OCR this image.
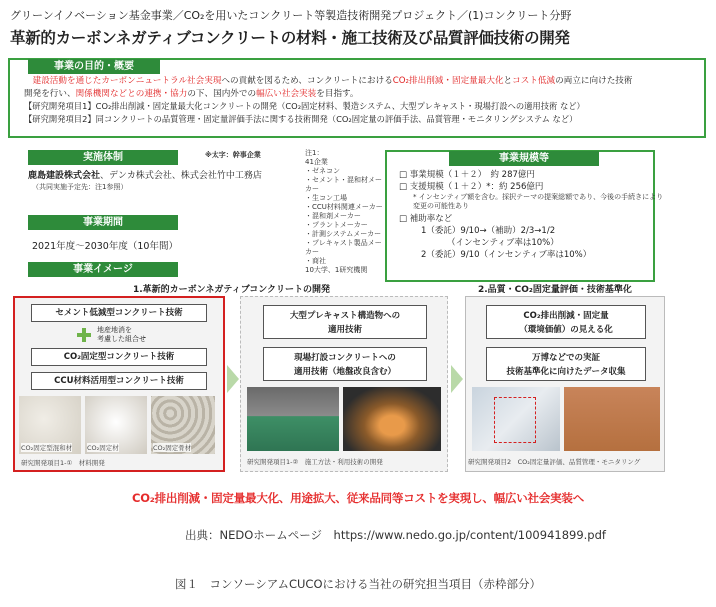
グリーンイノベーション基金事業／CO₂を用いたコンクリート等製造技術開発プロジェクト／(1)コンクリート分野
革新的カーボンネガティブコンクリートの材料・施工技術及び品質評価技術の開発
事業の目的・概要
　建設活動を通じたカーボンニュートラル社会実現への貢献を図るため、コンクリートにおけるCO₂排出削減・固定量最大化とコスト低減の両立に向けた技術
開発を行い、関係機関などとの連携・協力の下、国内外での幅広い社会実装を目指す。
【研究開発項目1】CO₂排出削減・固定量最大化コンクリートの開発（CO₂固定材料、製造システム、大型プレキャスト・現場打設への適用技術 など）
【研究開発項目2】同コンクリートの品質管理・固定量評価手法に関する技術開発（CO₂固定量の評価手法、品質管理・モニタリングシステム など）
実施体制	※太字：幹事企業
鹿島建設株式会社、デンカ株式会社、株式会社竹中工務店
（共同実施予定先：注1参照）
注1：
41企業
・ゼネコン
・セメント・混和材メーカー
・生コン工場
・CCU材料関連メーカー
・混和剤メーカー
・プラントメーカー
・計測システムメーカー
・プレキャスト製品メーカー
・商社
10大学、1研究機関
事業期間
2021年度〜2030年度（10年間）
事業規模等
□ 事業規模（１＋２）　約 287億円
□ 支援規模（１＋２）*：約 256億円
* インセンティブ額を含む。採択テーマの提案総額であり、今後の手続きにより
変更の可能性あり
□ 補助率など
1（委託）9/10→（補助）2/3→1/2
（インセンティブ率は10%）
2（委託）9/10（インセンティブ率は10%）
事業イメージ
1.革新的カーボンネガティブコンクリートの開発	2.品質・CO₂固定量評価・技術基準化
セメント低減型コンクリート技術
地産地消を
考慮した組合せ
CO₂固定型コンクリート技術
CCU材料活用型コンクリート技術
CO₂固定型混和材 CO₂固定材	CO₂固定骨材
研究開発項目1-①　材料開発
大型プレキャスト構造物への
適用技術
現場打設コンクリートへの
適用技術（地盤改良含む）
研究開発項目1-②　施工方法・利用技術の開発
CO₂排出削減・固定量
（環境価値）の見える化
万博などでの実証
技術基準化に向けたデータ収集
研究開発項目2　CO₂固定量評価、品質管理・モニタリング
CO₂排出削減・固定量最大化、用途拡大、従来品同等コストを実現し、幅広い社会実装へ
出典：NEDOホームページ　https://www.nedo.go.jp/content/100941899.pdf
図１　コンソーシアムCUCOにおける当社の研究担当項目（赤枠部分）
